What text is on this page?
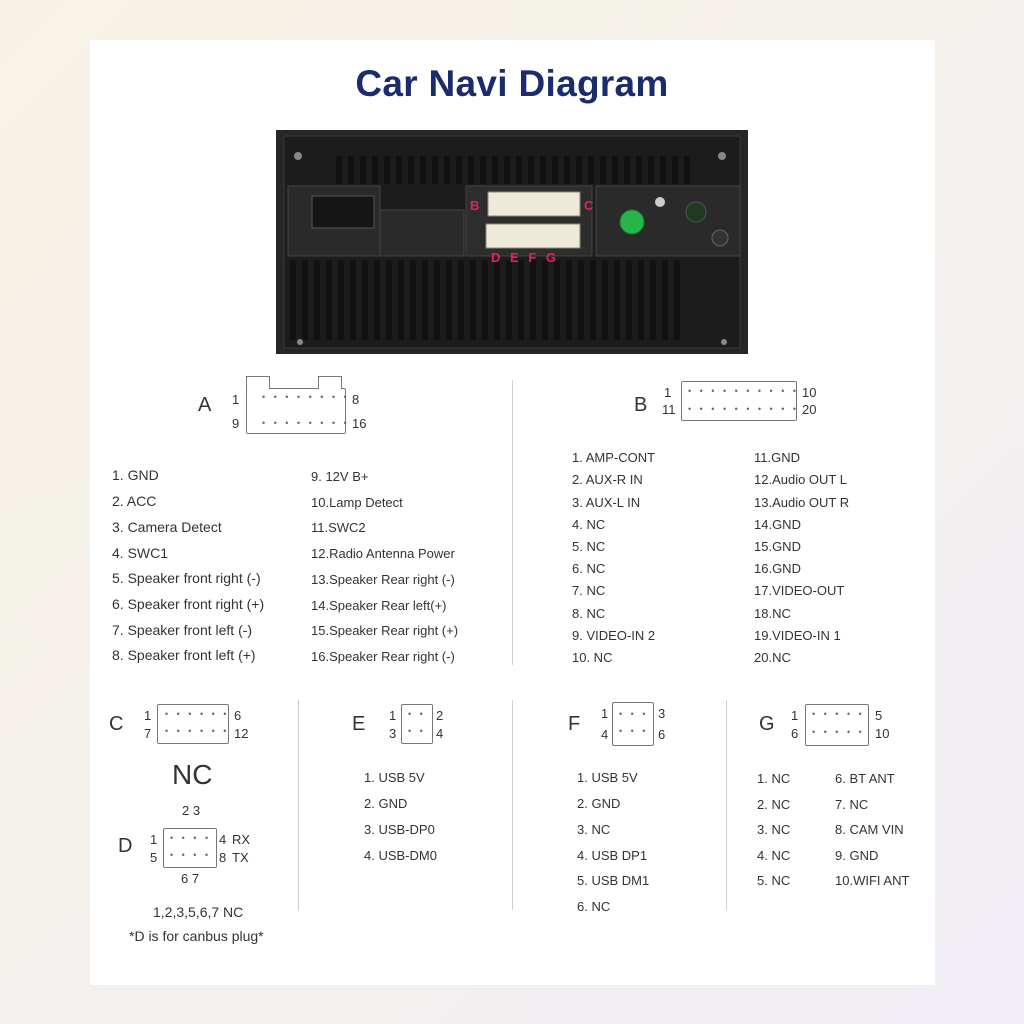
Car Navi Diagram
B	C
D E F G
A	• • • • • • • •
• • • • • • • •
1	8
9	16
1. GND
2. ACC
3. Camera Detect
4. SWC1
5. Speaker front right (-)
6. Speaker front right (+)
7. Speaker front left (-)
8. Speaker front left (+)
9. 12V B+
10.Lamp Detect
11.SWC2
12.Radio Antenna Power
13.Speaker Rear right (-)
14.Speaker Rear left(+)
15.Speaker Rear right (+)
16.Speaker Rear right (-)
B
• • • • • • • • • •
• • • • • • • • • •
1	10
11	20
1. AMP-CONT
2. AUX-R IN
3. AUX-L IN
4. NC
5. NC
6. NC
7. NC
8. NC
9. VIDEO-IN 2
10. NC
11.GND
12.Audio OUT L
13.Audio OUT R
14.GND
15.GND
16.GND
17.VIDEO-OUT
18.NC
19.VIDEO-IN 1
20.NC
C	• • • • • •
• • • • • •
1	6
7	12
NC
2 3
D	• • • •
• • • •
1	4 RX
5	8 TX
6 7
1,2,3,5,6,7 NC
*D is for canbus plug*
E	• •
• •
1	2
3	4
1. USB 5V
2. GND
3. USB-DP0
4. USB-DM0
F	• • •
• • •
1	3
4	6
1. USB 5V
2. GND
3. NC
4. USB DP1
5. USB DM1
6. NC
G	• • • • •
• • • • •
1	5
6	10
1. NC
2. NC
3. NC
4. NC
5. NC
6. BT ANT
7. NC
8. CAM VIN
9. GND
10.WIFI ANT
